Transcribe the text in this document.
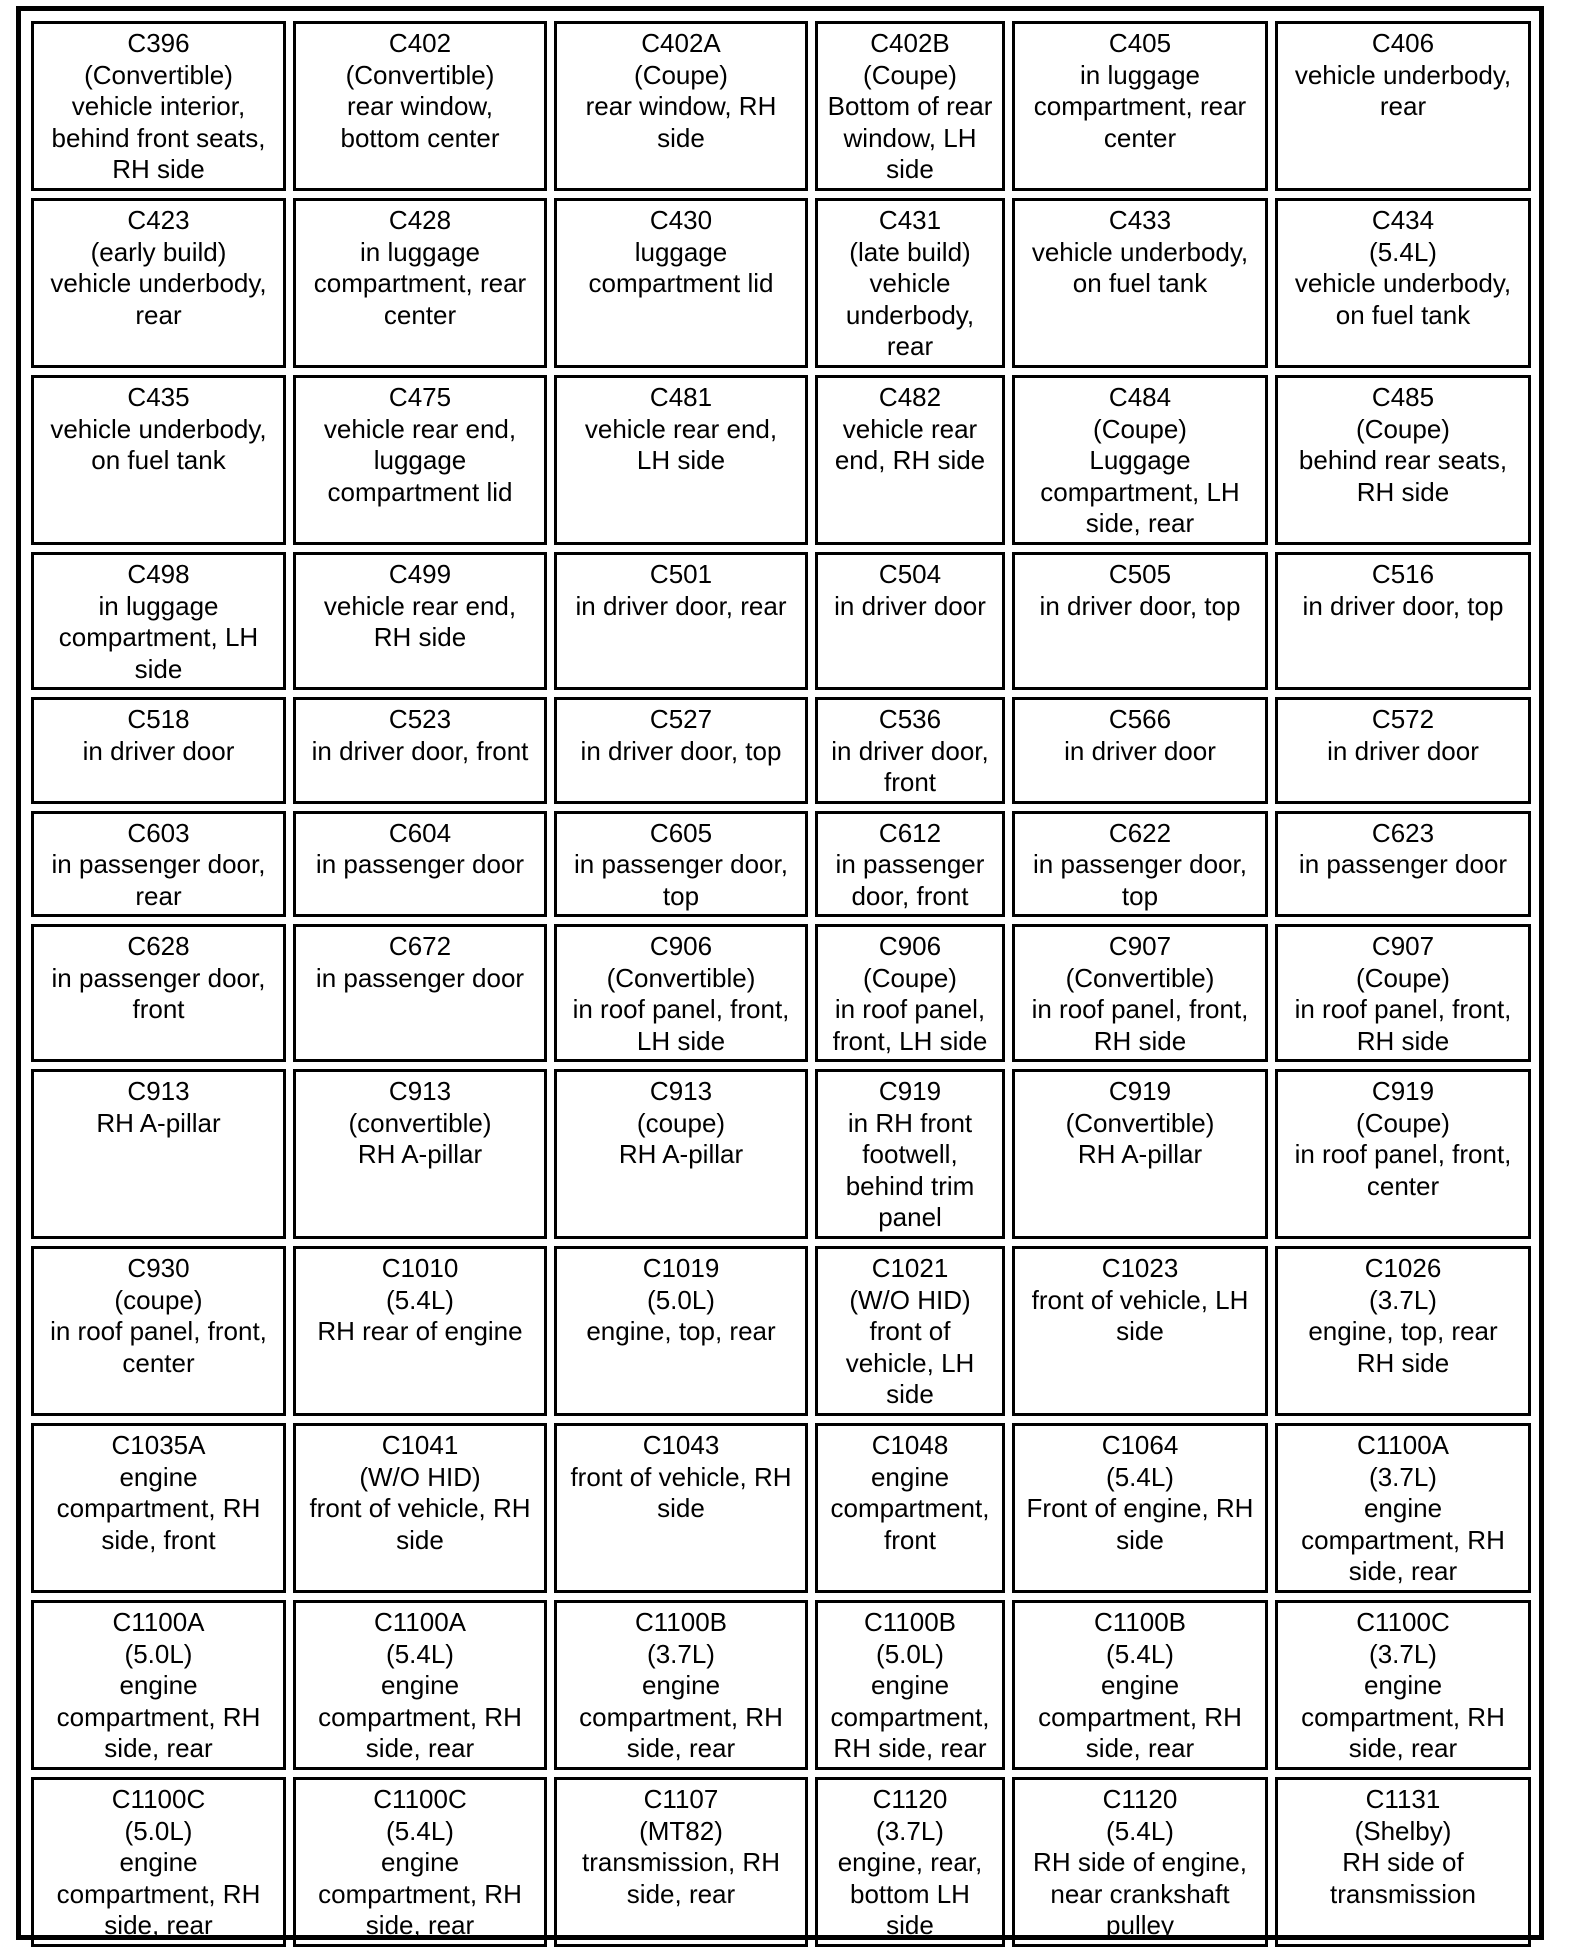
C396
(Convertible)
vehicle interior,
behind front seats,
RH side	C402
(Convertible)
rear window,
bottom center	C402A
(Coupe)
rear window, RH
side	C402B
(Coupe)
Bottom of rear
window, LH
side	C405
in luggage
compartment, rear
center	C406
vehicle underbody,
rear

C423
(early build)
vehicle underbody,
rear	C428
in luggage
compartment, rear
center	C430
luggage
compartment lid	C431
(late build)
vehicle
underbody,
rear	C433
vehicle underbody,
on fuel tank	C434
(5.4L)
vehicle underbody,
on fuel tank

C435
vehicle underbody,
on fuel tank	C475
vehicle rear end,
luggage
compartment lid	C481
vehicle rear end,
LH side	C482
vehicle rear
end, RH side	C484
(Coupe)
Luggage
compartment, LH
side, rear	C485
(Coupe)
behind rear seats,
RH side

C498
in luggage
compartment, LH
side	C499
vehicle rear end,
RH side	C501
in driver door, rear	C504
in driver door	C505
in driver door, top	C516
in driver door, top

C518
in driver door	C523
in driver door, front	C527
in driver door, top	C536
in driver door,
front	C566
in driver door	C572
in driver door

C603
in passenger door,
rear	C604
in passenger door	C605
in passenger door,
top	C612
in passenger
door, front	C622
in passenger door,
top	C623
in passenger door

C628
in passenger door,
front	C672
in passenger door	C906
(Convertible)
in roof panel, front,
LH side	C906
(Coupe)
in roof panel,
front, LH side	C907
(Convertible)
in roof panel, front,
RH side	C907
(Coupe)
in roof panel, front,
RH side

C913
RH A-pillar	C913
(convertible)
RH A-pillar	C913
(coupe)
RH A-pillar	C919
in RH front
footwell,
behind trim
panel	C919
(Convertible)
RH A-pillar	C919
(Coupe)
in roof panel, front,
center

C930
(coupe)
in roof panel, front,
center	C1010
(5.4L)
RH rear of engine	C1019
(5.0L)
engine, top, rear	C1021
(W/O HID)
front of
vehicle, LH
side	C1023
front of vehicle, LH
side	C1026
(3.7L)
engine, top, rear
RH side

C1035A
engine
compartment, RH
side, front	C1041
(W/O HID)
front of vehicle, RH
side	C1043
front of vehicle, RH
side	C1048
engine
compartment,
front	C1064
(5.4L)
Front of engine, RH
side	C1100A
(3.7L)
engine
compartment, RH
side, rear

C1100A
(5.0L)
engine
compartment, RH
side, rear	C1100A
(5.4L)
engine
compartment, RH
side, rear	C1100B
(3.7L)
engine
compartment, RH
side, rear	C1100B
(5.0L)
engine
compartment,
RH side, rear	C1100B
(5.4L)
engine
compartment, RH
side, rear	C1100C
(3.7L)
engine
compartment, RH
side, rear

C1100C
(5.0L)
engine
compartment, RH
side, rear	C1100C
(5.4L)
engine
compartment, RH
side, rear	C1107
(MT82)
transmission, RH
side, rear	C1120
(3.7L)
engine, rear,
bottom LH
side	C1120
(5.4L)
RH side of engine,
near crankshaft
pulley	C1131
(Shelby)
RH side of
transmission
